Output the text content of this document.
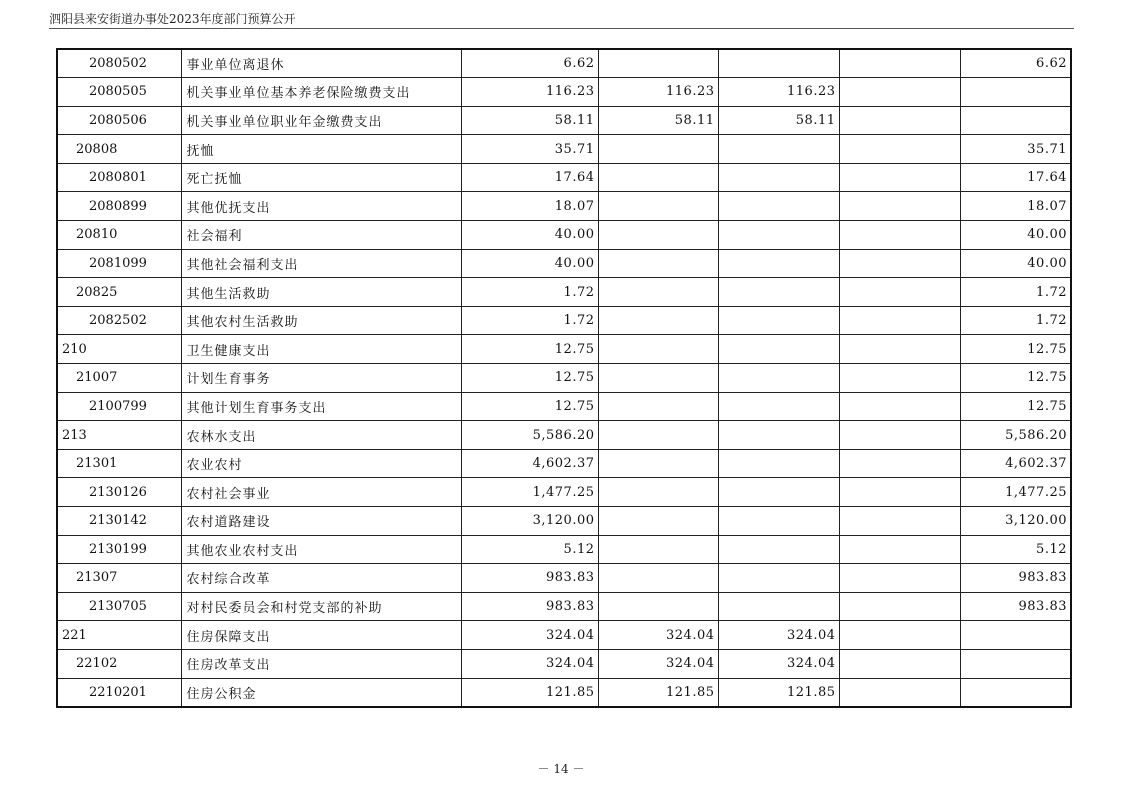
泗阳县来安街道办事处2023年度部门预算公开
2080502	事业单位离退休	6.62				6.62
2080505	机关事业单位基本养老保险缴费支出	116.23	116.23	116.23		
2080506	机关事业单位职业年金缴费支出	58.11	58.11	58.11		
20808	抚恤	35.71				35.71
2080801	死亡抚恤	17.64				17.64
2080899	其他优抚支出	18.07				18.07
20810	社会福利	40.00				40.00
2081099	其他社会福利支出	40.00				40.00
20825	其他生活救助	1.72				1.72
2082502	其他农村生活救助	1.72				1.72
210	卫生健康支出	12.75				12.75
21007	计划生育事务	12.75				12.75
2100799	其他计划生育事务支出	12.75				12.75
213	农林水支出	5,586.20				5,586.20
21301	农业农村	4,602.37				4,602.37
2130126	农村社会事业	1,477.25				1,477.25
2130142	农村道路建设	3,120.00				3,120.00
2130199	其他农业农村支出	5.12				5.12
21307	农村综合改革	983.83				983.83
2130705	对村民委员会和村党支部的补助	983.83				983.83
221	住房保障支出	324.04	324.04	324.04		
22102	住房改革支出	324.04	324.04	324.04		
2210201	住房公积金	121.85	121.85	121.85		
－ 14 －
